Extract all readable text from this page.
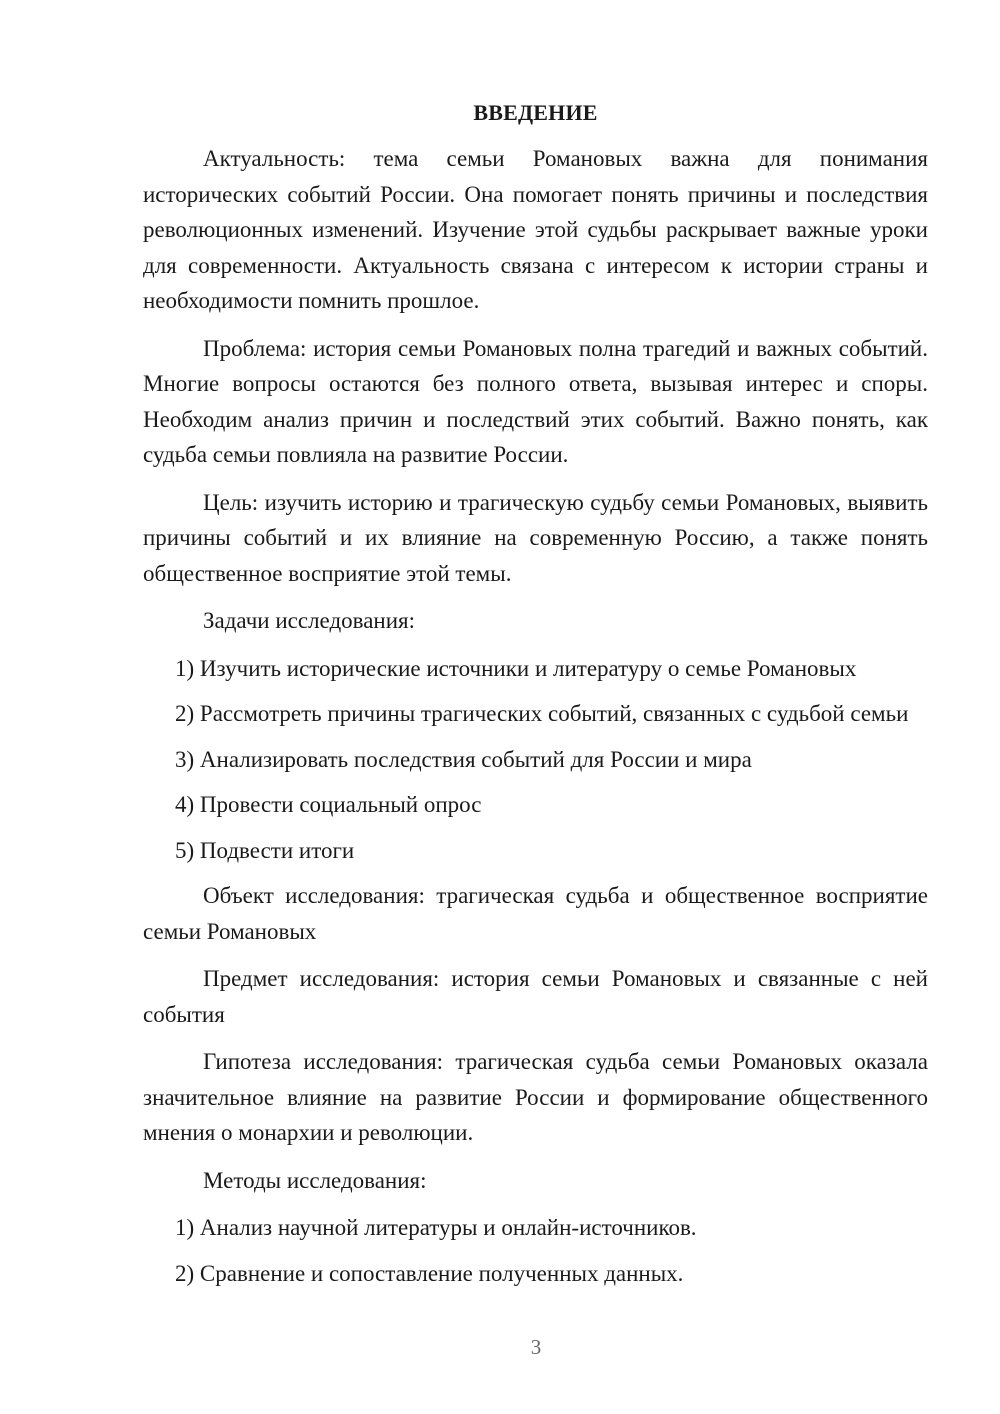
ВВЕДЕНИЕ

Актуальность: тема семьи Романовых важна для понимания исторических событий России. Она помогает понять причины и последствия революционных изменений. Изучение этой судьбы раскрывает важные уроки для современности. Актуальность связана с интересом к истории страны и необходимости помнить прошлое.

Проблема: история семьи Романовых полна трагедий и важных событий. Многие вопросы остаются без полного ответа, вызывая интерес и споры. Необходим анализ причин и последствий этих событий. Важно понять, как судьба семьи повлияла на развитие России.

Цель: изучить историю и трагическую судьбу семьи Романовых, выявить причины событий и их влияние на современную Россию, а также понять общественное восприятие этой темы.

Задачи исследования:

1) Изучить исторические источники и литературу о семье Романовых

2) Рассмотреть причины трагических событий, связанных с судьбой семьи

3) Анализировать последствия событий для России и мира

4) Провести социальный опрос

5) Подвести итоги

Объект исследования: трагическая судьба и общественное восприятие семьи Романовых

Предмет исследования: история семьи Романовых и связанные с ней события

Гипотеза исследования: трагическая судьба семьи Романовых оказала значительное влияние на развитие России и формирование общественного мнения о монархии и революции.

Методы исследования:

1) Анализ научной литературы и онлайн-источников.

2) Сравнение и сопоставление полученных данных.

3
